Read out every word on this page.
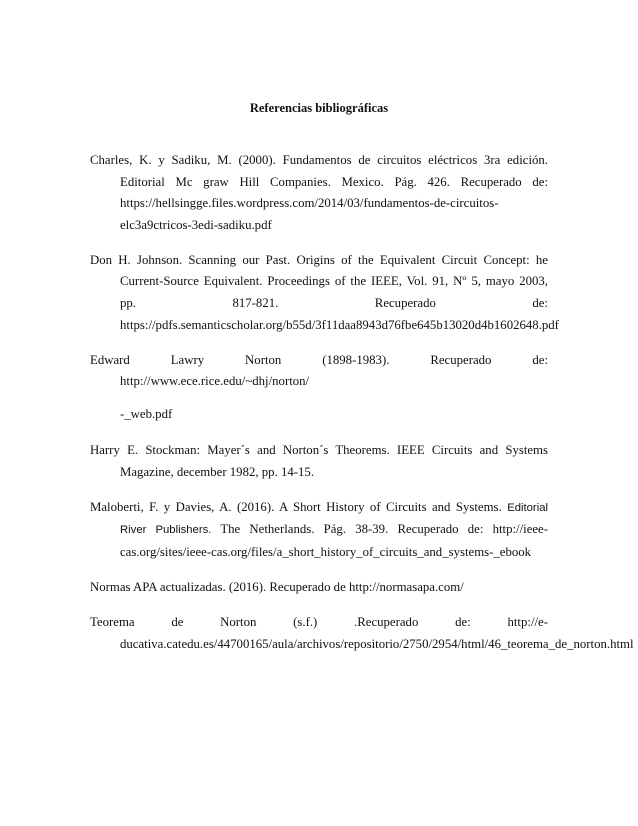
Referencias bibliográficas

Charles, K. y Sadiku, M. (2000). Fundamentos de circuitos eléctricos 3ra edición. Editorial Mc graw Hill Companies. Mexico. Pág. 426. Recuperado de: https://hellsingge.files.wordpress.com/2014/03/fundamentos-de-circuitos-elc3a9ctricos-3edi-sadiku.pdf

Don H. Johnson. Scanning our Past. Origins of the Equivalent Circuit Concept: he Current-Source Equivalent. Proceedings of the IEEE, Vol. 91, Nº 5, mayo 2003, pp. 817-821. Recuperado de: https://pdfs.semanticscholar.org/b55d/3f11daa8943d76fbe645b13020d4b1602648.pdf

Edward Lawry Norton (1898-1983). Recuperado de: http://www.ece.rice.edu/~dhj/norton/

-_web.pdf

Harry E. Stockman: Mayer´s and Norton´s Theorems. IEEE Circuits and Systems Magazine, december 1982, pp. 14-15.

Maloberti, F. y Davies, A. (2016). A Short History of Circuits and Systems. Editorial River Publishers. The Netherlands. Pág. 38-39. Recuperado de: http://ieee-cas.org/sites/ieee-cas.org/files/a_short_history_of_circuits_and_systems-_ebook

Normas APA actualizadas. (2016). Recuperado de http://normasapa.com/

Teorema de Norton (s.f.) .Recuperado de: http://e-ducativa.catedu.es/44700165/aula/archivos/repositorio/2750/2954/html/46_teorema_de_norton.html
